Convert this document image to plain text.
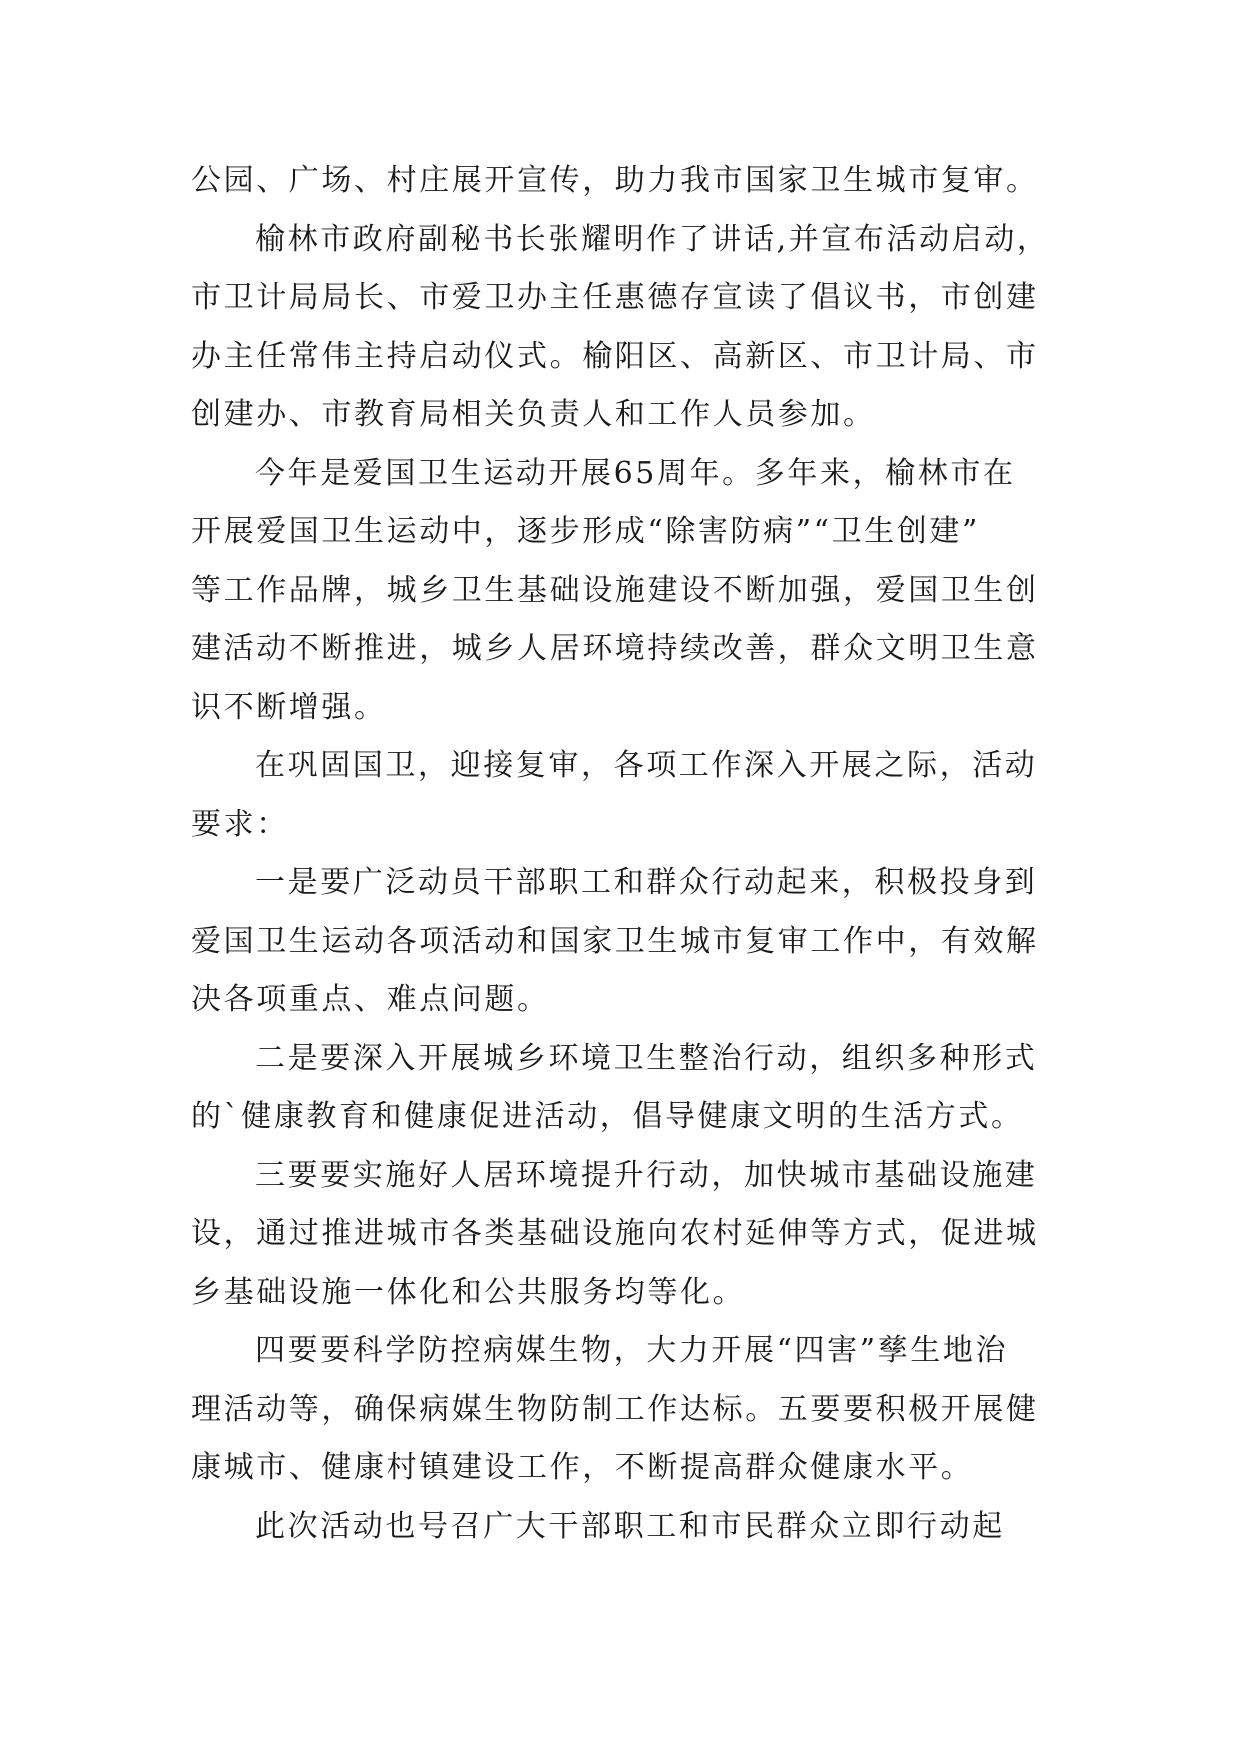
公园、广场、村庄展开宣传，助力我市国家卫生城市复审。
榆林市政府副秘书长张耀明作了讲话,并宣布活动启动，
市卫计局局长、市爱卫办主任惠德存宣读了倡议书，市创建
办主任常伟主持启动仪式。榆阳区、高新区、市卫计局、市
创建办、市教育局相关负责人和工作人员参加。
今年是爱国卫生运动开展65周年。多年来，榆林市在
开展爱国卫生运动中，逐步形成“除害防病”“卫生创建”
等工作品牌，城乡卫生基础设施建设不断加强，爱国卫生创
建活动不断推进，城乡人居环境持续改善，群众文明卫生意
识不断增强。
在巩固国卫，迎接复审，各项工作深入开展之际，活动
要求：
一是要广泛动员干部职工和群众行动起来，积极投身到
爱国卫生运动各项活动和国家卫生城市复审工作中，有效解
决各项重点、难点问题。
二是要深入开展城乡环境卫生整治行动，组织多种形式
的`健康教育和健康促进活动，倡导健康文明的生活方式。
三要要实施好人居环境提升行动，加快城市基础设施建
设，通过推进城市各类基础设施向农村延伸等方式，促进城
乡基础设施一体化和公共服务均等化。
四要要科学防控病媒生物，大力开展“四害”孳生地治
理活动等，确保病媒生物防制工作达标。五要要积极开展健
康城市、健康村镇建设工作，不断提高群众健康水平。
此次活动也号召广大干部职工和市民群众立即行动起
